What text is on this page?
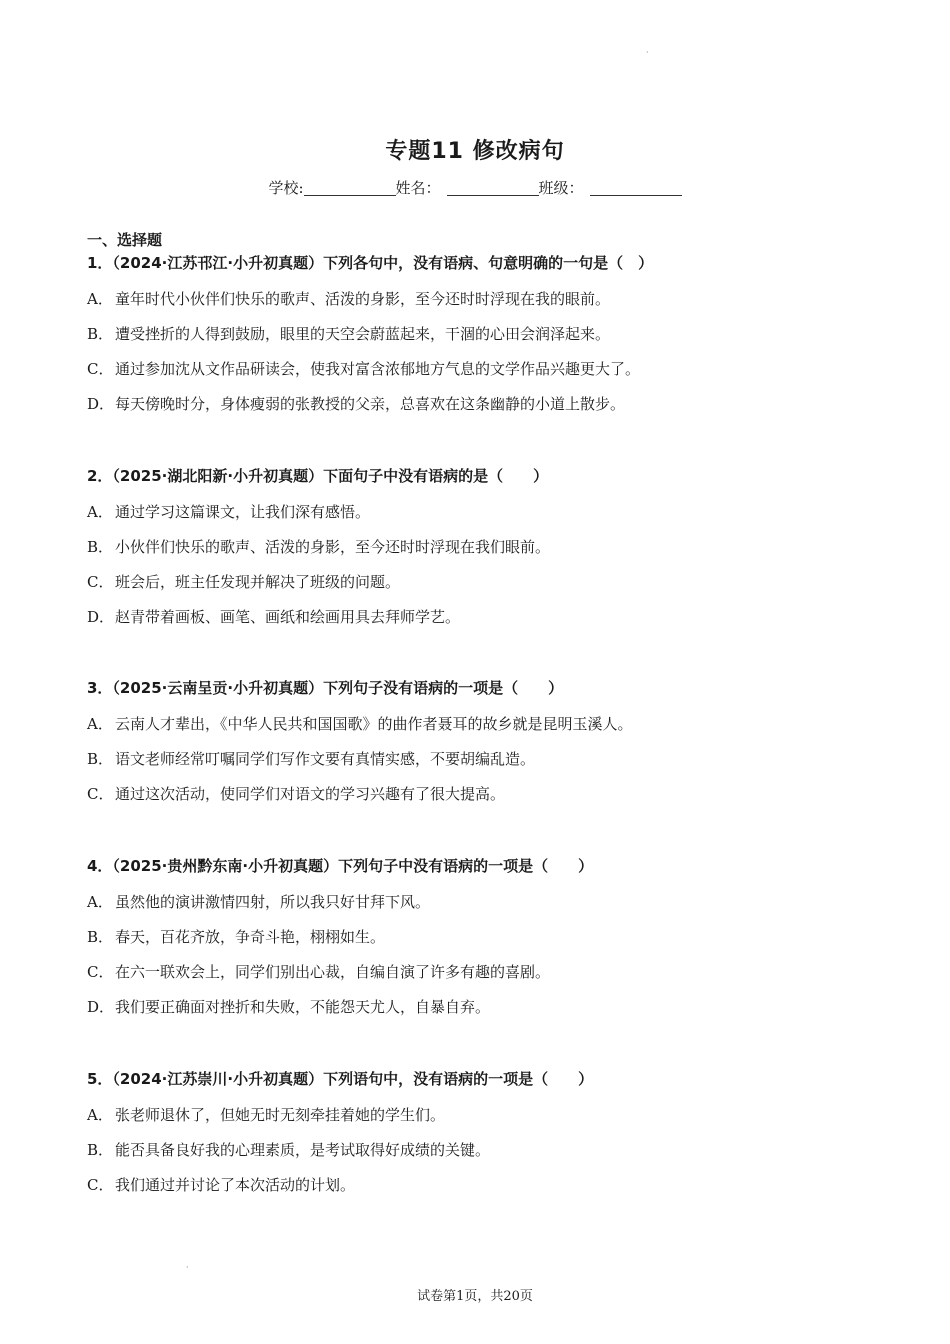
·
·
专题11 修改病句
学校:	姓名：	班级：
一、选择题
1．（2024·江苏邗江·小升初真题）下列各句中，没有语病、句意明确的一句是（　）
A． 童年时代小伙伴们快乐的歌声、活泼的身影，至今还时时浮现在我的眼前。
B． 遭受挫折的人得到鼓励，眼里的天空会蔚蓝起来，干涸的心田会润泽起来。
C． 通过参加沈从文作品研读会，使我对富含浓郁地方气息的文学作品兴趣更大了。
D．每天傍晚时分，身体瘦弱的张教授的父亲，总喜欢在这条幽静的小道上散步。
2．（2025·湖北阳新·小升初真题）下面句子中没有语病的是（　　）
A． 通过学习这篇课文，让我们深有感悟。
B． 小伙伴们快乐的歌声、活泼的身影，至今还时时浮现在我们眼前。
C． 班会后，班主任发现并解决了班级的问题。
D．赵青带着画板、画笔、画纸和绘画用具去拜师学艺。
3．（2025·云南呈贡·小升初真题）下列句子没有语病的一项是（　　）
A． 云南人才辈出，《中华人民共和国国歌》的曲作者聂耳的故乡就是昆明玉溪人。
B． 语文老师经常叮嘱同学们写作文要有真情实感，不要胡编乱造。
C． 通过这次活动，使同学们对语文的学习兴趣有了很大提高。
4．（2025·贵州黔东南·小升初真题）下列句子中没有语病的一项是（　　）
A． 虽然他的演讲激情四射，所以我只好甘拜下风。
B． 春天，百花齐放，争奇斗艳，栩栩如生。
C． 在六一联欢会上，同学们别出心裁，自编自演了许多有趣的喜剧。
D．我们要正确面对挫折和失败，不能怨天尤人，自暴自弃。
5．（2024·江苏崇川·小升初真题）下列语句中，没有语病的一项是（　　）
A． 张老师退休了，但她无时无刻牵挂着她的学生们。
B． 能否具备良好我的心理素质，是考试取得好成绩的关键。
C． 我们通过并讨论了本次活动的计划。
试卷第1页，共20页
